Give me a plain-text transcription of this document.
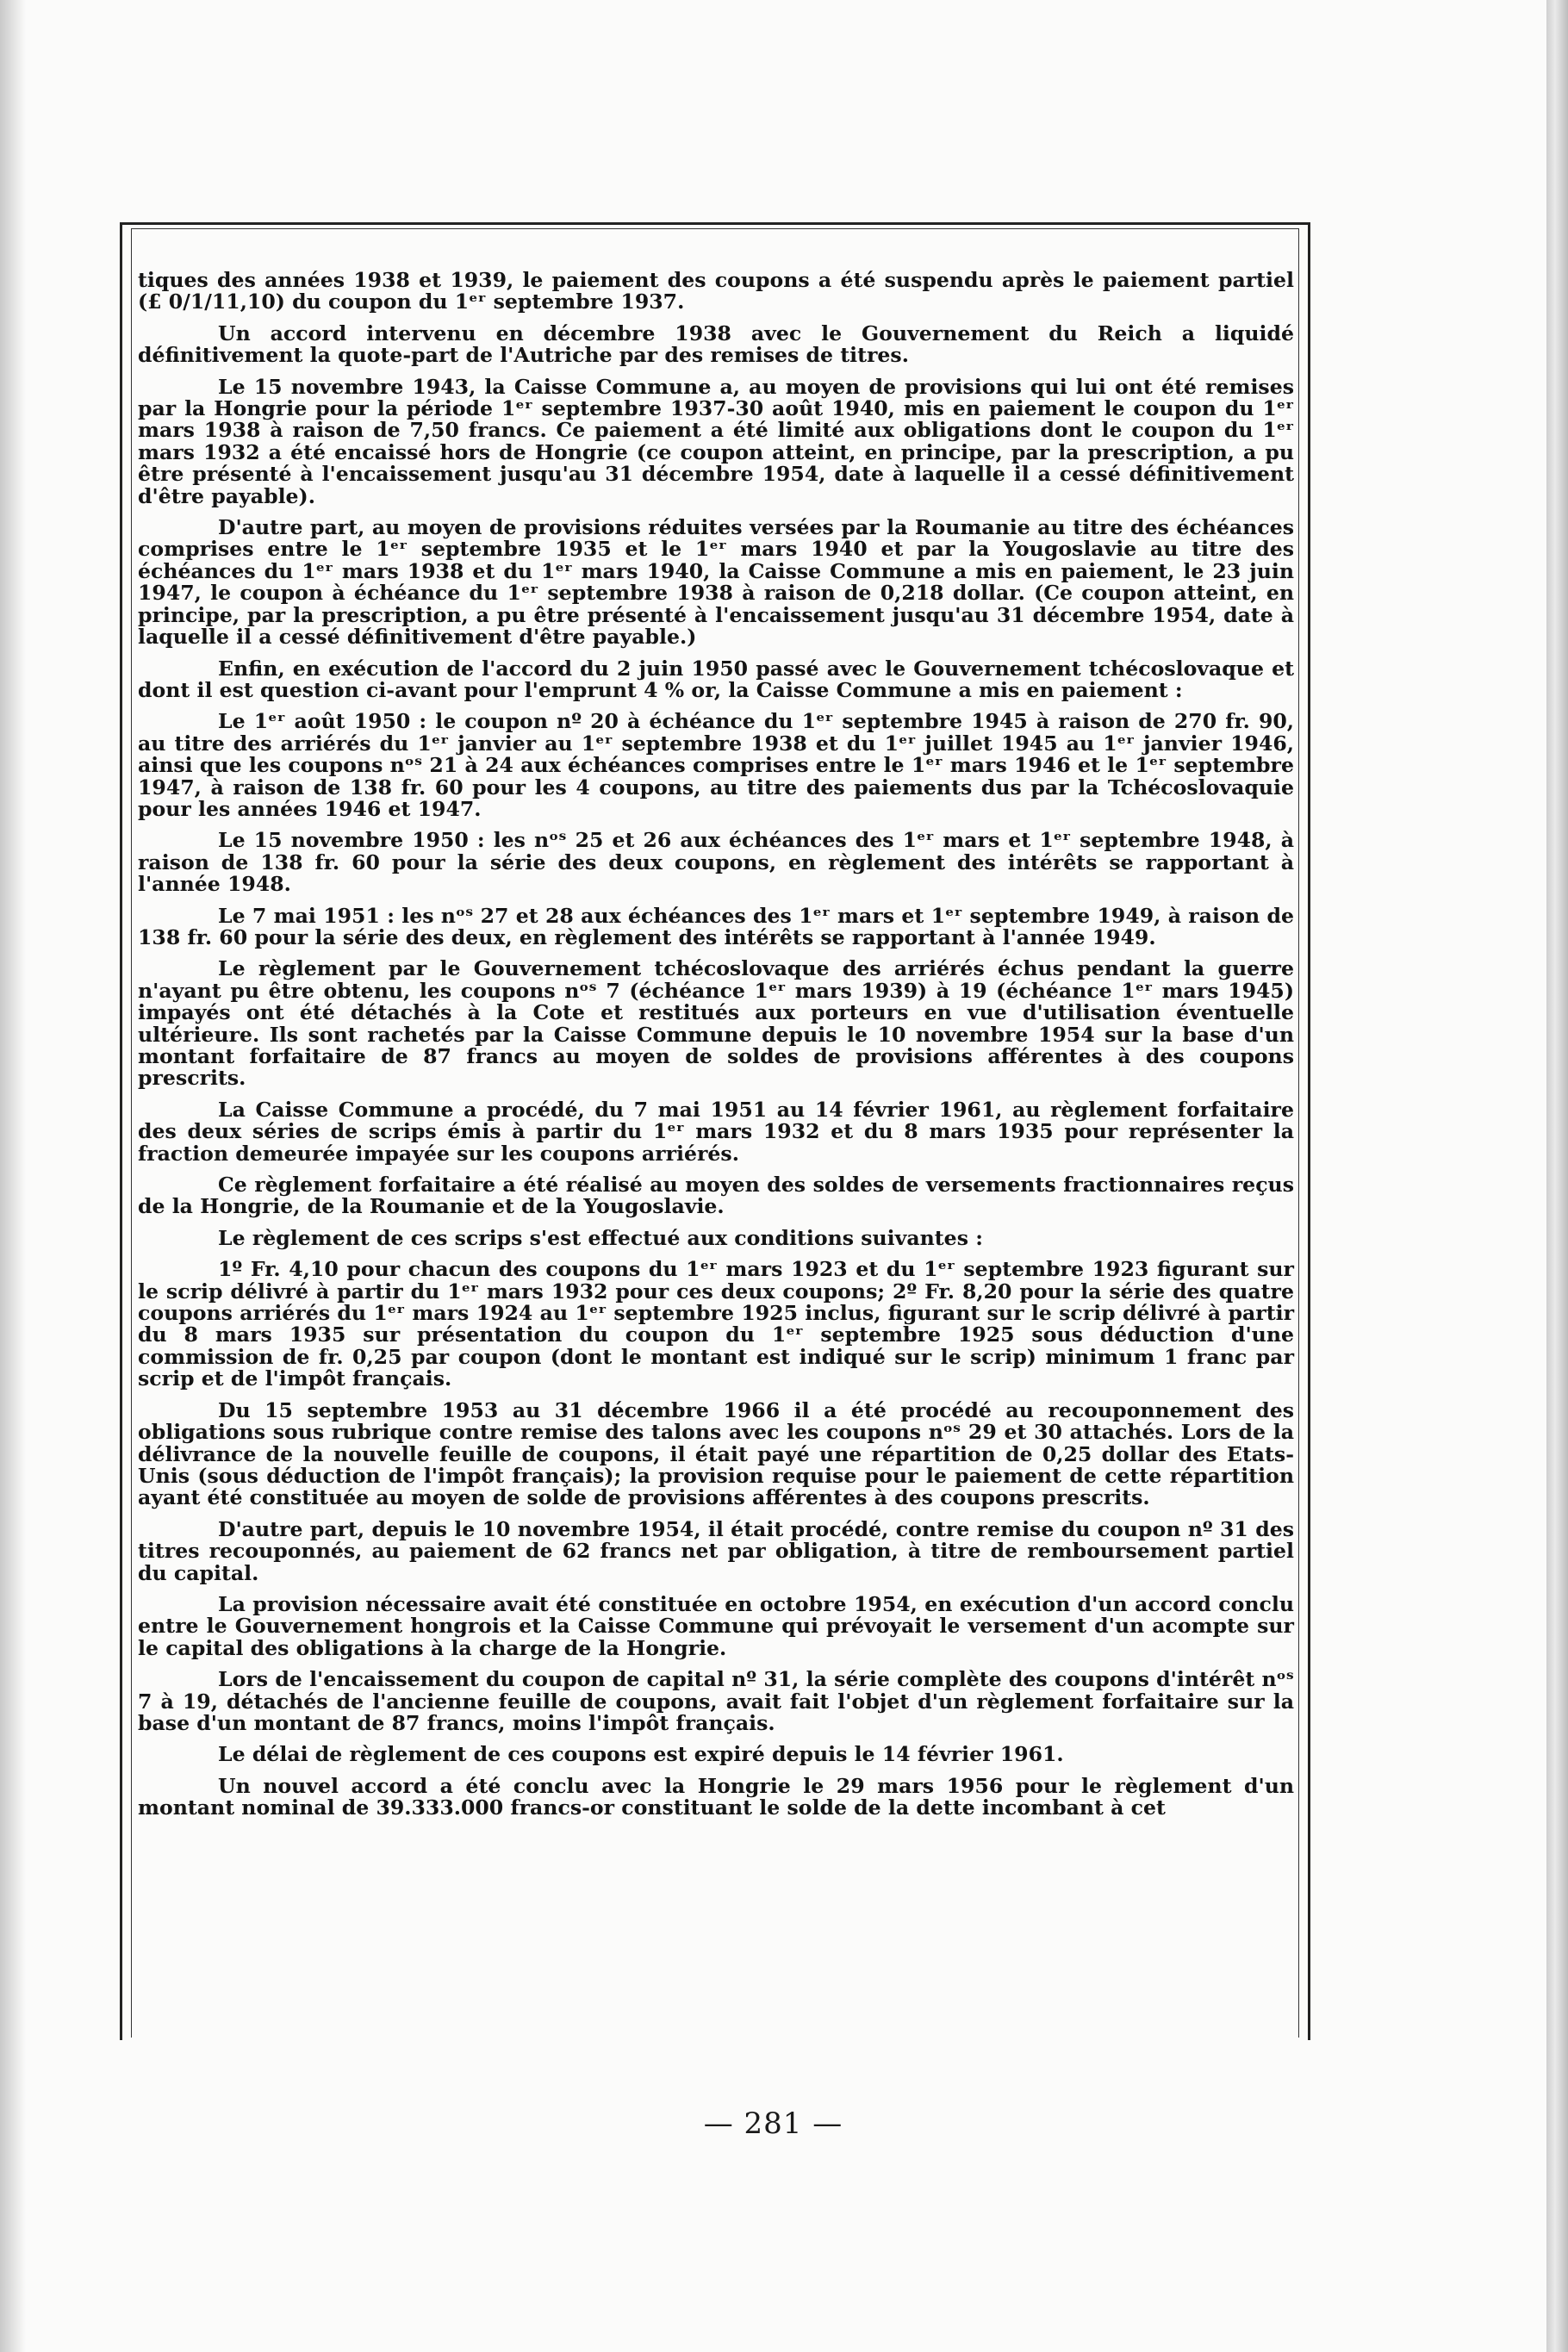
tiques des années 1938 et 1939, le paiement des coupons a été suspendu après le paiement partiel (£ 0/1/11,10) du coupon du 1ᵉʳ septembre 1937.

Un accord intervenu en décembre 1938 avec le Gouvernement du Reich a liquidé définitivement la quote-part de l'Autriche par des remises de titres.

Le 15 novembre 1943, la Caisse Commune a, au moyen de provisions qui lui ont été remises par la Hongrie pour la période 1ᵉʳ septembre 1937-30 août 1940, mis en paiement le coupon du 1ᵉʳ mars 1938 à raison de 7,50 francs. Ce paiement a été limité aux obligations dont le coupon du 1ᵉʳ mars 1932 a été encaissé hors de Hongrie (ce coupon atteint, en principe, par la prescription, a pu être présenté à l'encaissement jusqu'au 31 décembre 1954, date à laquelle il a cessé définitivement d'être payable).

D'autre part, au moyen de provisions réduites versées par la Roumanie au titre des échéances comprises entre le 1ᵉʳ septembre 1935 et le 1ᵉʳ mars 1940 et par la Yougoslavie au titre des échéances du 1ᵉʳ mars 1938 et du 1ᵉʳ mars 1940, la Caisse Commune a mis en paiement, le 23 juin 1947, le coupon à échéance du 1ᵉʳ septembre 1938 à raison de 0,218 dollar. (Ce coupon atteint, en principe, par la prescription, a pu être présenté à l'encaissement jusqu'au 31 décembre 1954, date à laquelle il a cessé définitivement d'être payable.)

Enfin, en exécution de l'accord du 2 juin 1950 passé avec le Gouvernement tchécoslovaque et dont il est question ci-avant pour l'emprunt 4 % or, la Caisse Commune a mis en paiement :

Le 1ᵉʳ août 1950 : le coupon nº 20 à échéance du 1ᵉʳ septembre 1945 à raison de 270 fr. 90, au titre des arriérés du 1ᵉʳ janvier au 1ᵉʳ septembre 1938 et du 1ᵉʳ juillet 1945 au 1ᵉʳ janvier 1946, ainsi que les coupons nᵒˢ 21 à 24 aux échéances comprises entre le 1ᵉʳ mars 1946 et le 1ᵉʳ septembre 1947, à raison de 138 fr. 60 pour les 4 coupons, au titre des paiements dus par la Tchécoslovaquie pour les années 1946 et 1947.

Le 15 novembre 1950 : les nᵒˢ 25 et 26 aux échéances des 1ᵉʳ mars et 1ᵉʳ septembre 1948, à raison de 138 fr. 60 pour la série des deux coupons, en règlement des intérêts se rapportant à l'année 1948.

Le 7 mai 1951 : les nᵒˢ 27 et 28 aux échéances des 1ᵉʳ mars et 1ᵉʳ septembre 1949, à raison de 138 fr. 60 pour la série des deux, en règlement des intérêts se rapportant à l'année 1949.

Le règlement par le Gouvernement tchécoslovaque des arriérés échus pendant la guerre n'ayant pu être obtenu, les coupons nᵒˢ 7 (échéance 1ᵉʳ mars 1939) à 19 (échéance 1ᵉʳ mars 1945) impayés ont été détachés à la Cote et restitués aux porteurs en vue d'utilisation éventuelle ultérieure. Ils sont rachetés par la Caisse Commune depuis le 10 novembre 1954 sur la base d'un montant forfaitaire de 87 francs au moyen de soldes de provisions afférentes à des coupons prescrits.

La Caisse Commune a procédé, du 7 mai 1951 au 14 février 1961, au règlement forfaitaire des deux séries de scrips émis à partir du 1ᵉʳ mars 1932 et du 8 mars 1935 pour représenter la fraction demeurée impayée sur les coupons arriérés.

Ce règlement forfaitaire a été réalisé au moyen des soldes de versements fractionnaires reçus de la Hongrie, de la Roumanie et de la Yougoslavie.

Le règlement de ces scrips s'est effectué aux conditions suivantes :

1º Fr. 4,10 pour chacun des coupons du 1ᵉʳ mars 1923 et du 1ᵉʳ septembre 1923 figurant sur le scrip délivré à partir du 1ᵉʳ mars 1932 pour ces deux coupons; 2º Fr. 8,20 pour la série des quatre coupons arriérés du 1ᵉʳ mars 1924 au 1ᵉʳ septembre 1925 inclus, figurant sur le scrip délivré à partir du 8 mars 1935 sur présentation du coupon du 1ᵉʳ septembre 1925 sous déduction d'une commission de fr. 0,25 par coupon (dont le montant est indiqué sur le scrip) minimum 1 franc par scrip et de l'impôt français.

Du 15 septembre 1953 au 31 décembre 1966 il a été procédé au recouponnement des obligations sous rubrique contre remise des talons avec les coupons nᵒˢ 29 et 30 attachés. Lors de la délivrance de la nouvelle feuille de coupons, il était payé une répartition de 0,25 dollar des Etats-Unis (sous déduction de l'impôt français); la provision requise pour le paiement de cette répartition ayant été constituée au moyen de solde de provisions afférentes à des coupons prescrits.

D'autre part, depuis le 10 novembre 1954, il était procédé, contre remise du coupon nº 31 des titres recouponnés, au paiement de 62 francs net par obligation, à titre de remboursement partiel du capital.

La provision nécessaire avait été constituée en octobre 1954, en exécution d'un accord conclu entre le Gouvernement hongrois et la Caisse Commune qui prévoyait le versement d'un acompte sur le capital des obligations à la charge de la Hongrie.

Lors de l'encaissement du coupon de capital nº 31, la série complète des coupons d'intérêt nᵒˢ 7 à 19, détachés de l'ancienne feuille de coupons, avait fait l'objet d'un règlement forfaitaire sur la base d'un montant de 87 francs, moins l'impôt français.

Le délai de règlement de ces coupons est expiré depuis le 14 février 1961.

Un nouvel accord a été conclu avec la Hongrie le 29 mars 1956 pour le règlement d'un montant nominal de 39.333.000 francs-or constituant le solde de la dette incombant à cet

— 281 —
